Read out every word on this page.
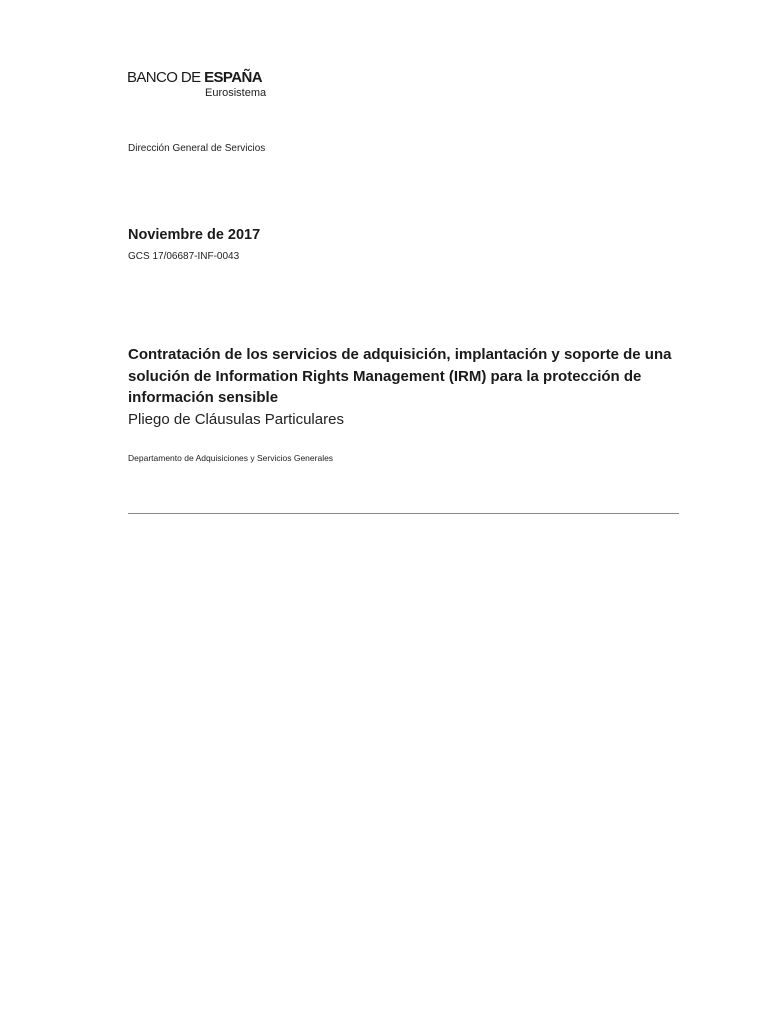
BANCO DE ESPAÑA
Eurosistema
Dirección General de Servicios
Noviembre de 2017
GCS 17/06687-INF-0043
Contratación de los servicios de adquisición, implantación y soporte de una solución de Information Rights Management (IRM) para la protección de información sensible
Pliego de Cláusulas Particulares
Departamento de Adquisiciones y Servicios Generales
